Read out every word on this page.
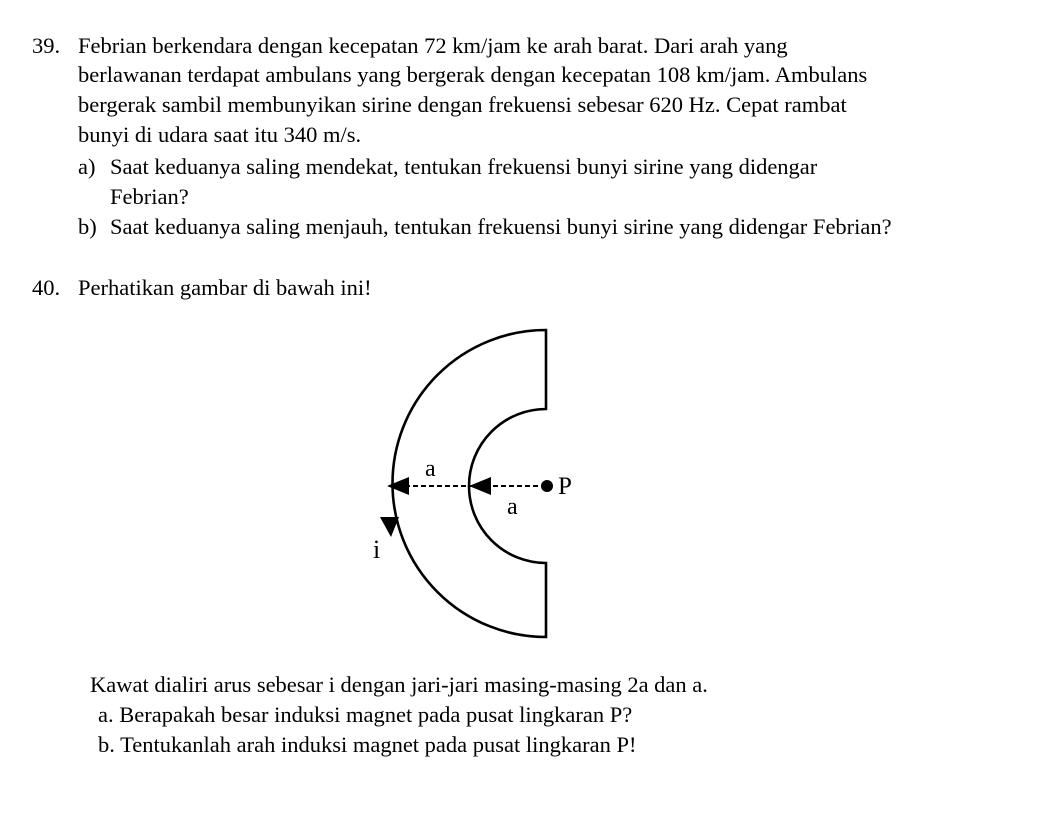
39. Febrian berkendara dengan kecepatan 72 km/jam ke arah barat. Dari arah yang
berlawanan terdapat ambulans yang bergerak dengan kecepatan 108 km/jam. Ambulans
bergerak sambil membunyikan sirine dengan frekuensi sebesar 620 Hz. Cepat rambat
bunyi di udara saat itu 340 m/s.
a) Saat keduanya saling mendekat, tentukan frekuensi bunyi sirine yang didengar
Febrian?
b) Saat keduanya saling menjauh, tentukan frekuensi bunyi sirine yang didengar Febrian?
40. Perhatikan gambar di bawah ini!
a
a
P
i
Kawat dialiri arus sebesar i dengan jari-jari masing-masing 2a dan a.
a. Berapakah besar induksi magnet pada pusat lingkaran P?
b. Tentukanlah arah induksi magnet pada pusat lingkaran P!
